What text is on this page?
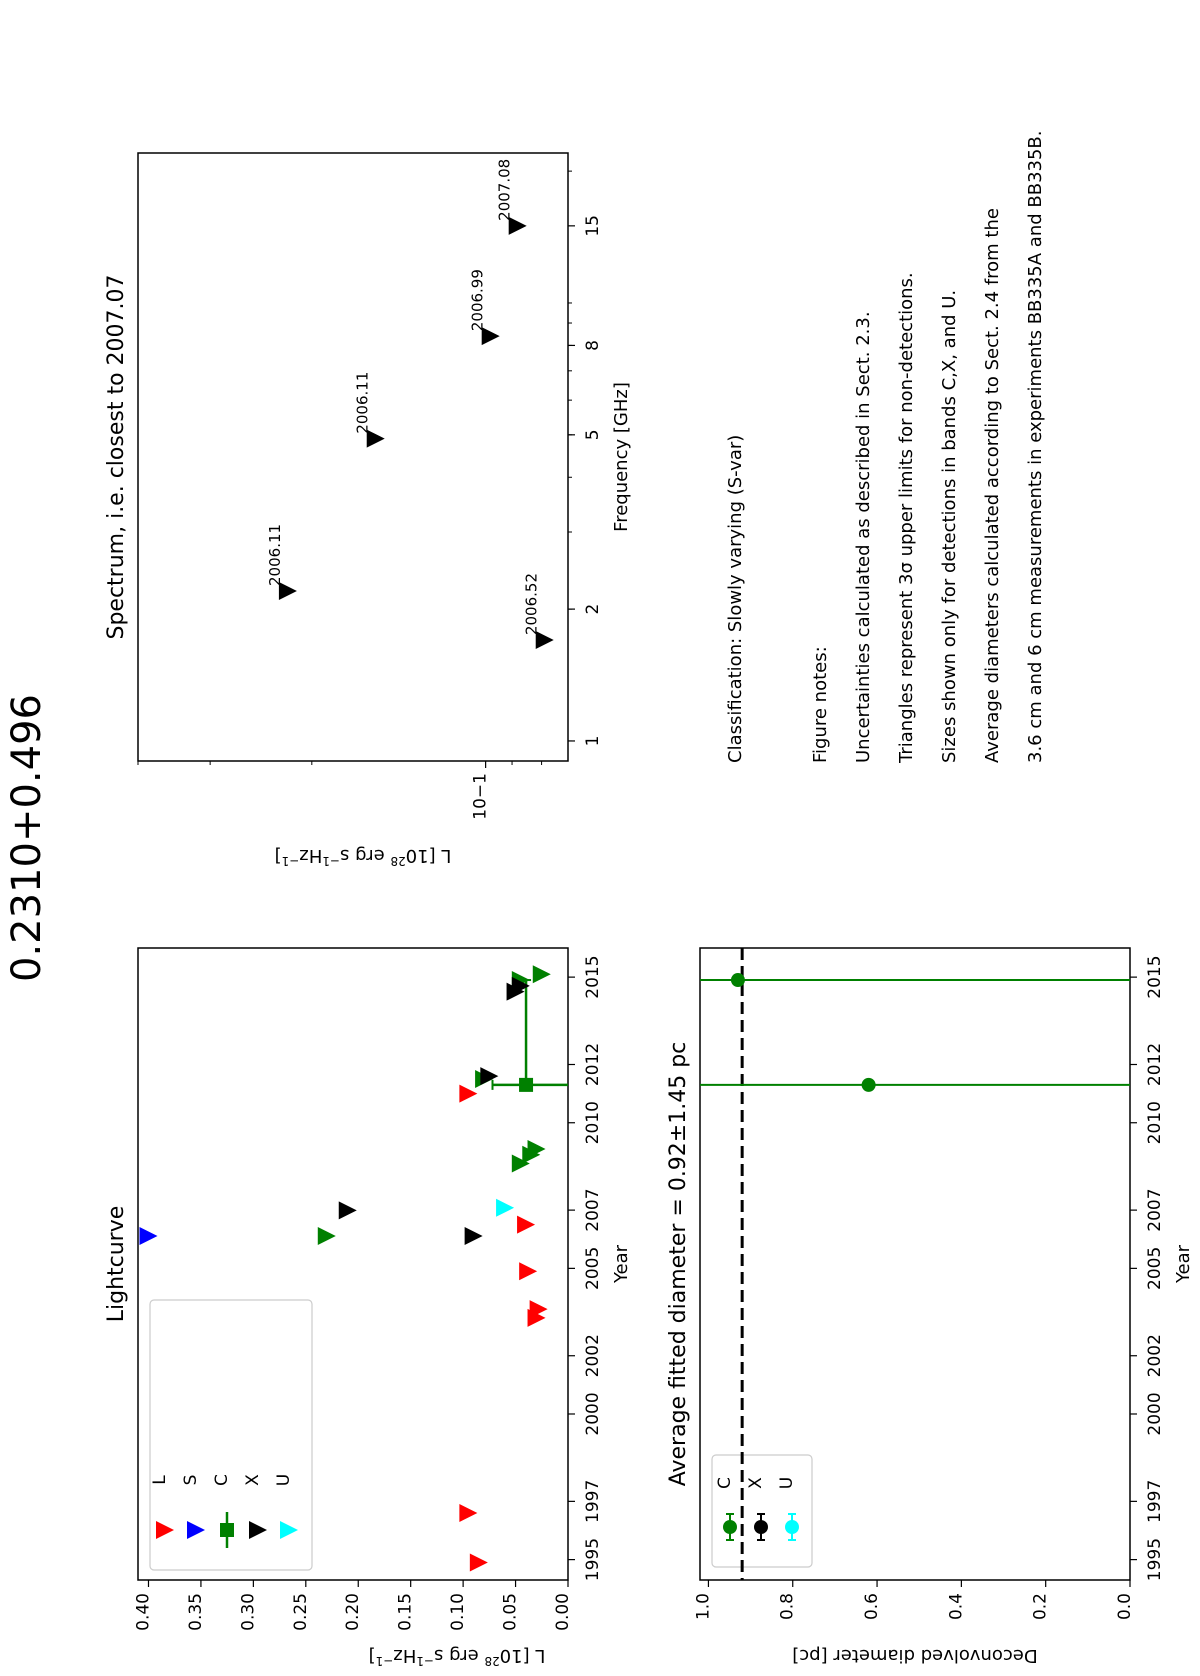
0.2310+0.496
1995
1997
2000
2002
2005
2007
2010
2012
2015
0.00
0.05
0.10
0.15
0.20
0.25
0.30
0.35
0.40
Lightcurve	Year
L [$10^{28}$ erg $s^{-1}Hz^{-1}$]
L S C X U
1
2
5
8
15
10−1
Spectrum, i.e. closest to 2007.07	Frequency [GHz]
L [$10^{28}$ erg $s^{-1}Hz^{-1}$]
2006.52
2006.11
2006.11
2006.99
2007.08
1995
1997
2000
2002
2005
2007
2010
2012
2015
0.0
0.2
0.4
0.6
0.8
1.0
Average fitted diameter = 0.92±1.45 pc	Year
Deconvolved diameter [pc]
C X U
Classification: Slowly varying (S-var)	Figure notes: Uncertainties calculated as described in Sect. 2.3. Triangles represent 3σ upper limits for non-detections. Sizes shown only for detections in bands C,X, and U. Average diameters calculated according to Sect. 2.4 from the 3.6 cm and 6 cm measurements in experiments BB335A and BB335B.
